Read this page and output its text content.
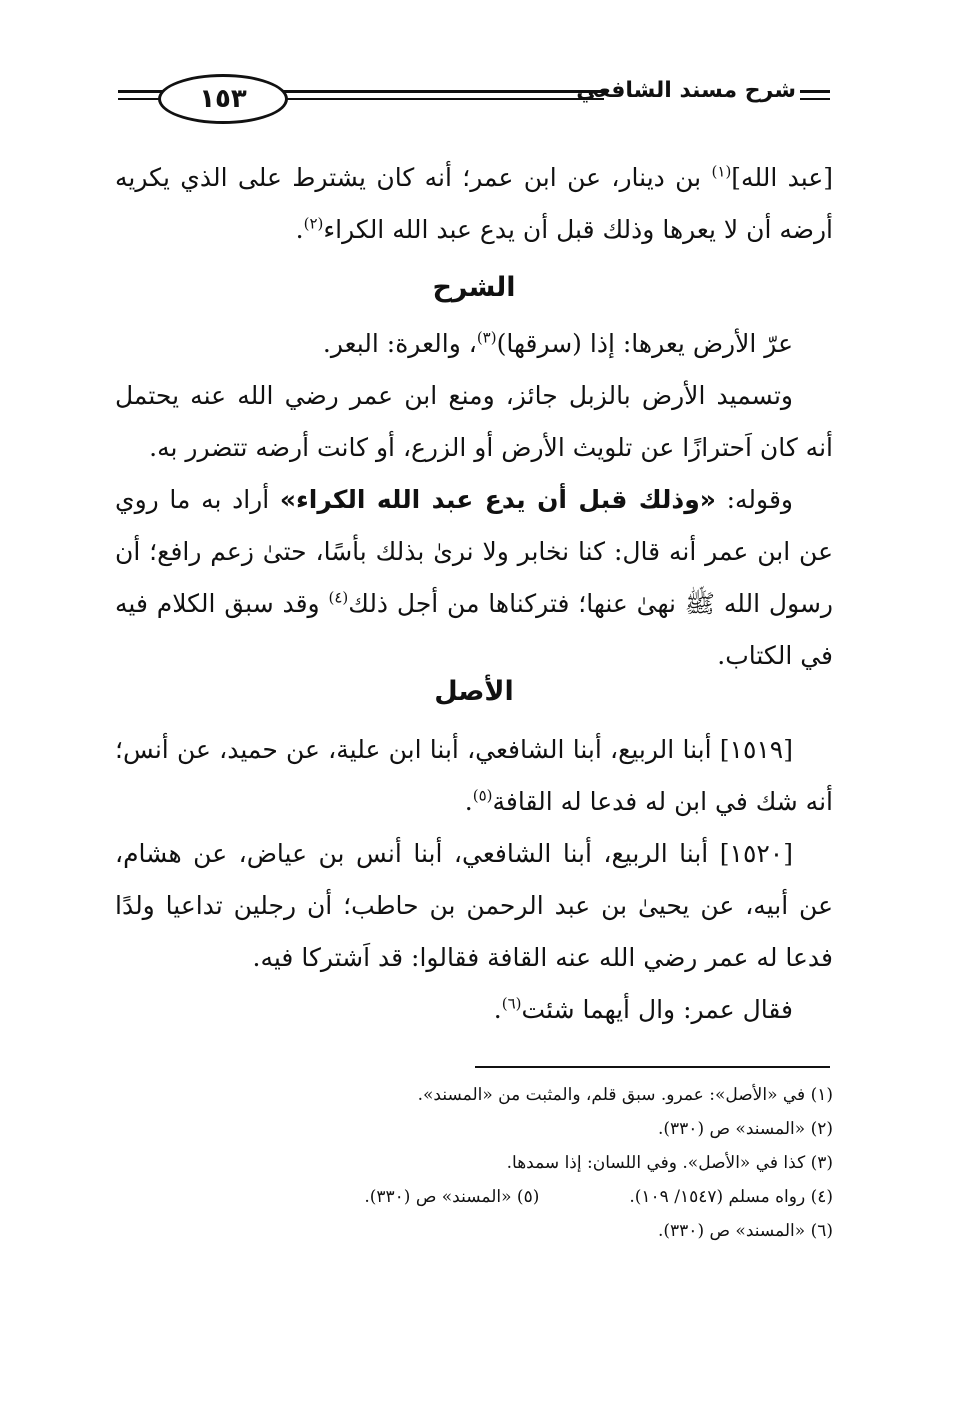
١٥٣	شرح مسند الشافعي

[عبد الله]$^{(١)}$ بن دينار، عن ابن عمر؛ أنه كان يشترط على الذي يكريه أرضه أن لا يعرها وذلك قبل أن يدع عبد الله الكراء$^{(٢)}$.

الشرح

عرّ الأرض يعرها: إذا (سرقها)$^{(٣)}$، والعرة: البعر.

وتسميد الأرض بالزبل جائز، ومنع ابن عمر رضي الله عنه يحتمل أنه كان اَحترازًا عن تلويث الأرض أو الزرع، أو كانت أرضه تتضرر به.

وقوله: «وذلك قبل أن يدع عبد الله الكراء» أراد به ما روي عن ابن عمر أنه قال: كنا نخابر ولا نرىٰ بذلك بأسًا، حتىٰ زعم رافع؛ أن رسول الله ﷺ نهىٰ عنها؛ فتركناها من أجل ذلك$^{(٤)}$ وقد سبق الكلام فيه في الكتاب.

الأصل

[١٥١٩] أبنا الربيع، أبنا الشافعي، أبنا ابن علية، عن حميد، عن أنس؛ أنه شك في ابن له فدعا له القافة$^{(٥)}$.

[١٥٢٠] أبنا الربيع، أبنا الشافعي، أبنا أنس بن عياض، عن هشام، عن أبيه، عن يحيىٰ بن عبد الرحمن بن حاطب؛ أن رجلين تداعيا ولدًا فدعا له عمر رضي الله عنه القافة فقالوا: قد اَشتركا فيه.

فقال عمر: وال أيهما شئت$^{(٦)}$.

(١) في «الأصل»: عمرو. سبق قلم، والمثبت من «المسند».
(٢) «المسند» ص (٣٣٠).
(٣) كذا في «الأصل». وفي اللسان: إذا سمدها.
(٤) رواه مسلم (١٥٤٧/ ١٠٩).
(٥) «المسند» ص (٣٣٠).
(٦) «المسند» ص (٣٣٠).
